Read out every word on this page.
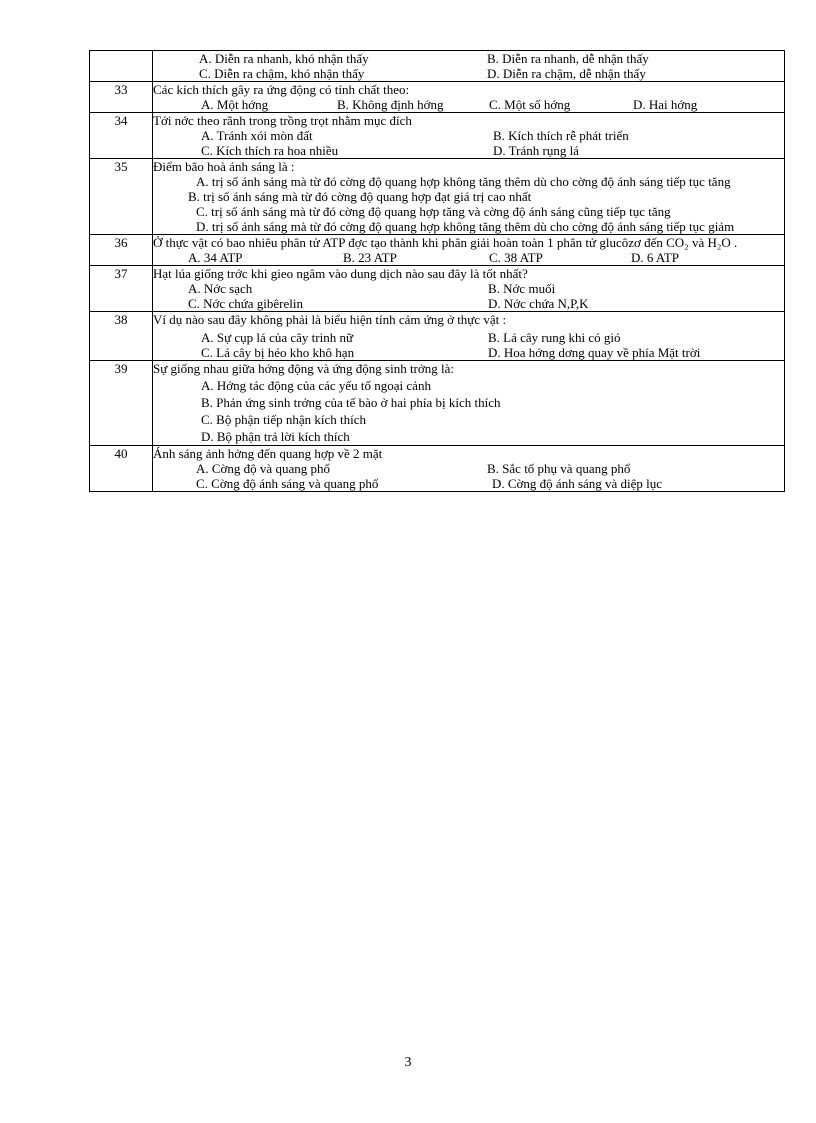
	A. Diễn ra nhanh, khó nhận thấy B. Diễn ra nhanh, dễ nhận thấy
C. Diễn ra chậm, khó nhận thấy D. Diễn ra chậm, dễ nhận thấy

33	Các kích thích gây ra ứng động có tính chất theo:
A. Một hớng B. Không định hớng C. Một số hớng D. Hai hớng

34	Tới nớc theo rãnh trong trồng trọt nhằm mục đích
A. Tránh xói mòn đất B. Kích thích rễ phát triển
C. Kích thích ra hoa nhiều D. Tránh rụng lá

35	Điểm bão hoà ánh sáng là :
A. trị số ánh sáng mà từ đó cờng độ quang hợp không tăng thêm dù cho cờng độ ánh sáng tiếp tục tăng
B. trị số ánh sáng mà từ đó cờng độ quang hợp đạt giá trị cao nhất
C. trị số ánh sáng mà từ đó cờng độ quang hợp tăng và cờng độ ánh sáng cũng tiếp tục tăng
D. trị số ánh sáng mà từ đó cờng độ quang hợp không tăng thêm dù cho cờng độ ánh sáng tiếp tục giảm

36	Ở thực vật có bao nhiêu phân tử ATP đợc tạo thành khi phân giải hoàn toàn 1 phân tử glucôzơ đến CO₂ và H₂O .
A. 34 ATP B. 23 ATP C. 38 ATP D. 6 ATP

37	Hạt lúa giống trớc khi gieo ngâm vào dung dịch nào sau đây là tốt nhất?
A. Nớc sạch B. Nớc muối
C. Nớc chứa gibêrelin D. Nớc chứa N,P,K

38	Ví dụ nào sau đây không phải là biểu hiện tính cảm ứng ở thực vật :
A. Sự cụp lá của cây trinh nữ B. Lá cây rung khi có gió
C. Lá cây bị héo kho khô hạn D. Hoa hớng dơng quay về phía Mặt trời

39	Sự giống nhau giữa hớng động và ứng động sinh trởng là:
A. Hớng tác động của các yếu tố ngoại cảnh
B. Phản ứng sinh trởng của tế bào ở hai phía bị kích thích
C. Bộ phận tiếp nhận kích thích
D. Bộ phận trả lời kích thích

40	Ánh sáng ảnh hởng đến quang hợp về 2 mặt
A. Cờng độ và quang phổ B. Sắc tố phụ và quang phổ
C. Cờng độ ánh sáng và quang phổ D. Cờng độ ánh sáng và diệp lục
3
